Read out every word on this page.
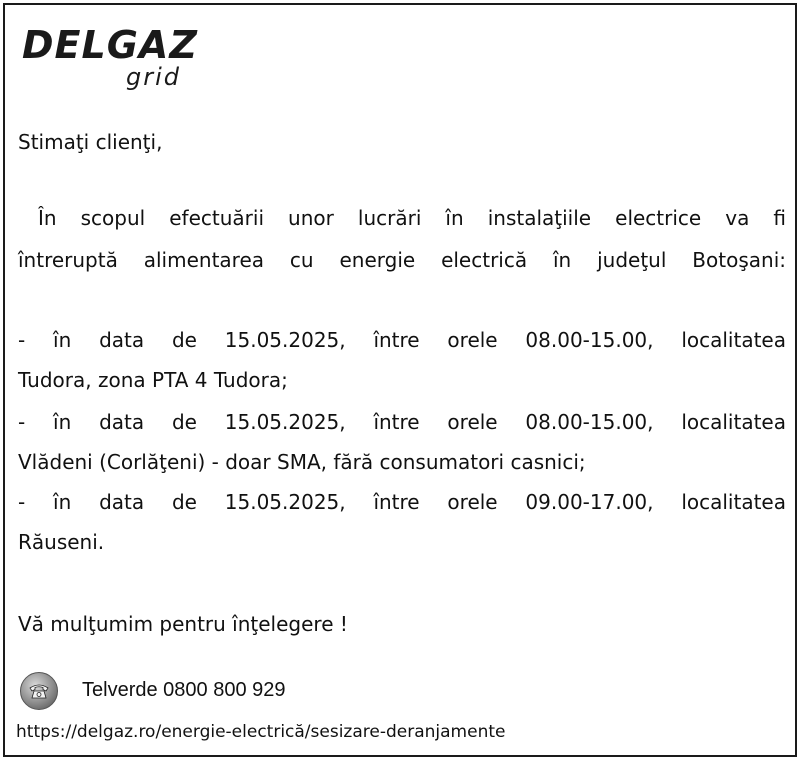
DELGAZ
grid
Stimaţi clienţi,
În scopul efectuării unor lucrări în instalaţiile electrice va fi
întreruptă alimentarea cu energie electrică în judeţul Botoşani:
- în data de 15.05.2025, între orele 08.00-15.00, localitatea
Tudora, zona PTA 4 Tudora;
- în data de 15.05.2025, între orele 08.00-15.00, localitatea
Vlădeni (Corlăţeni) - doar SMA, fără consumatori casnici;
- în data de 15.05.2025, între orele 09.00-17.00, localitatea
Răuseni.
Vă mulţumim pentru înţelegere !
Telverde 0800 800 929
https://delgaz.ro/energie-electrică/sesizare-deranjamente
